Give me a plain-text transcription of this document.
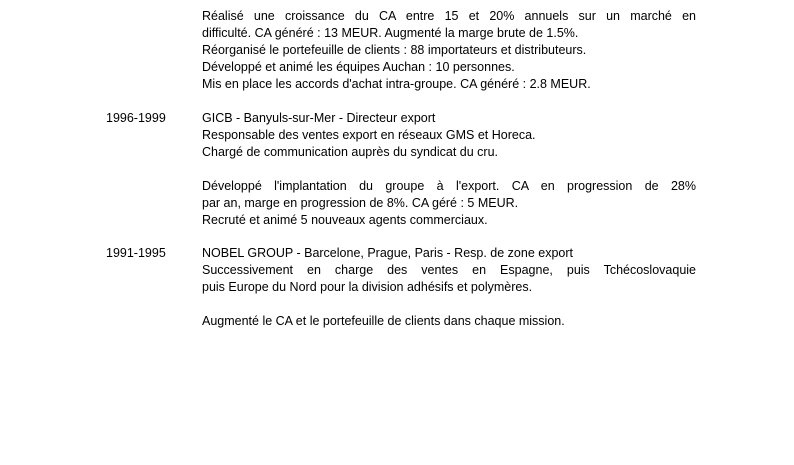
Réalisé une croissance du CA entre 15 et 20% annuels sur un marché en
difficulté. CA généré : 13 MEUR. Augmenté la marge brute de 1.5%.
Réorganisé le portefeuille de clients : 88 importateurs et distributeurs.
Développé et animé les équipes Auchan : 10 personnes.
Mis en place les accords d'achat intra-groupe. CA généré : 2.8 MEUR.
1996-1999	GICB - Banyuls-sur-Mer - Directeur export
Responsable des ventes export en réseaux GMS et Horeca.
Chargé de communication auprès du syndicat du cru.
Développé l'implantation du groupe à l'export. CA en progression de 28%
par an, marge en progression de 8%. CA géré : 5 MEUR.
Recruté et animé 5 nouveaux agents commerciaux.
1991-1995	NOBEL GROUP - Barcelone, Prague, Paris - Resp. de zone export
Successivement en charge des ventes en Espagne, puis Tchécoslovaquie
puis Europe du Nord pour la division adhésifs et polymères.
Augmenté le CA et le portefeuille de clients dans chaque mission.
